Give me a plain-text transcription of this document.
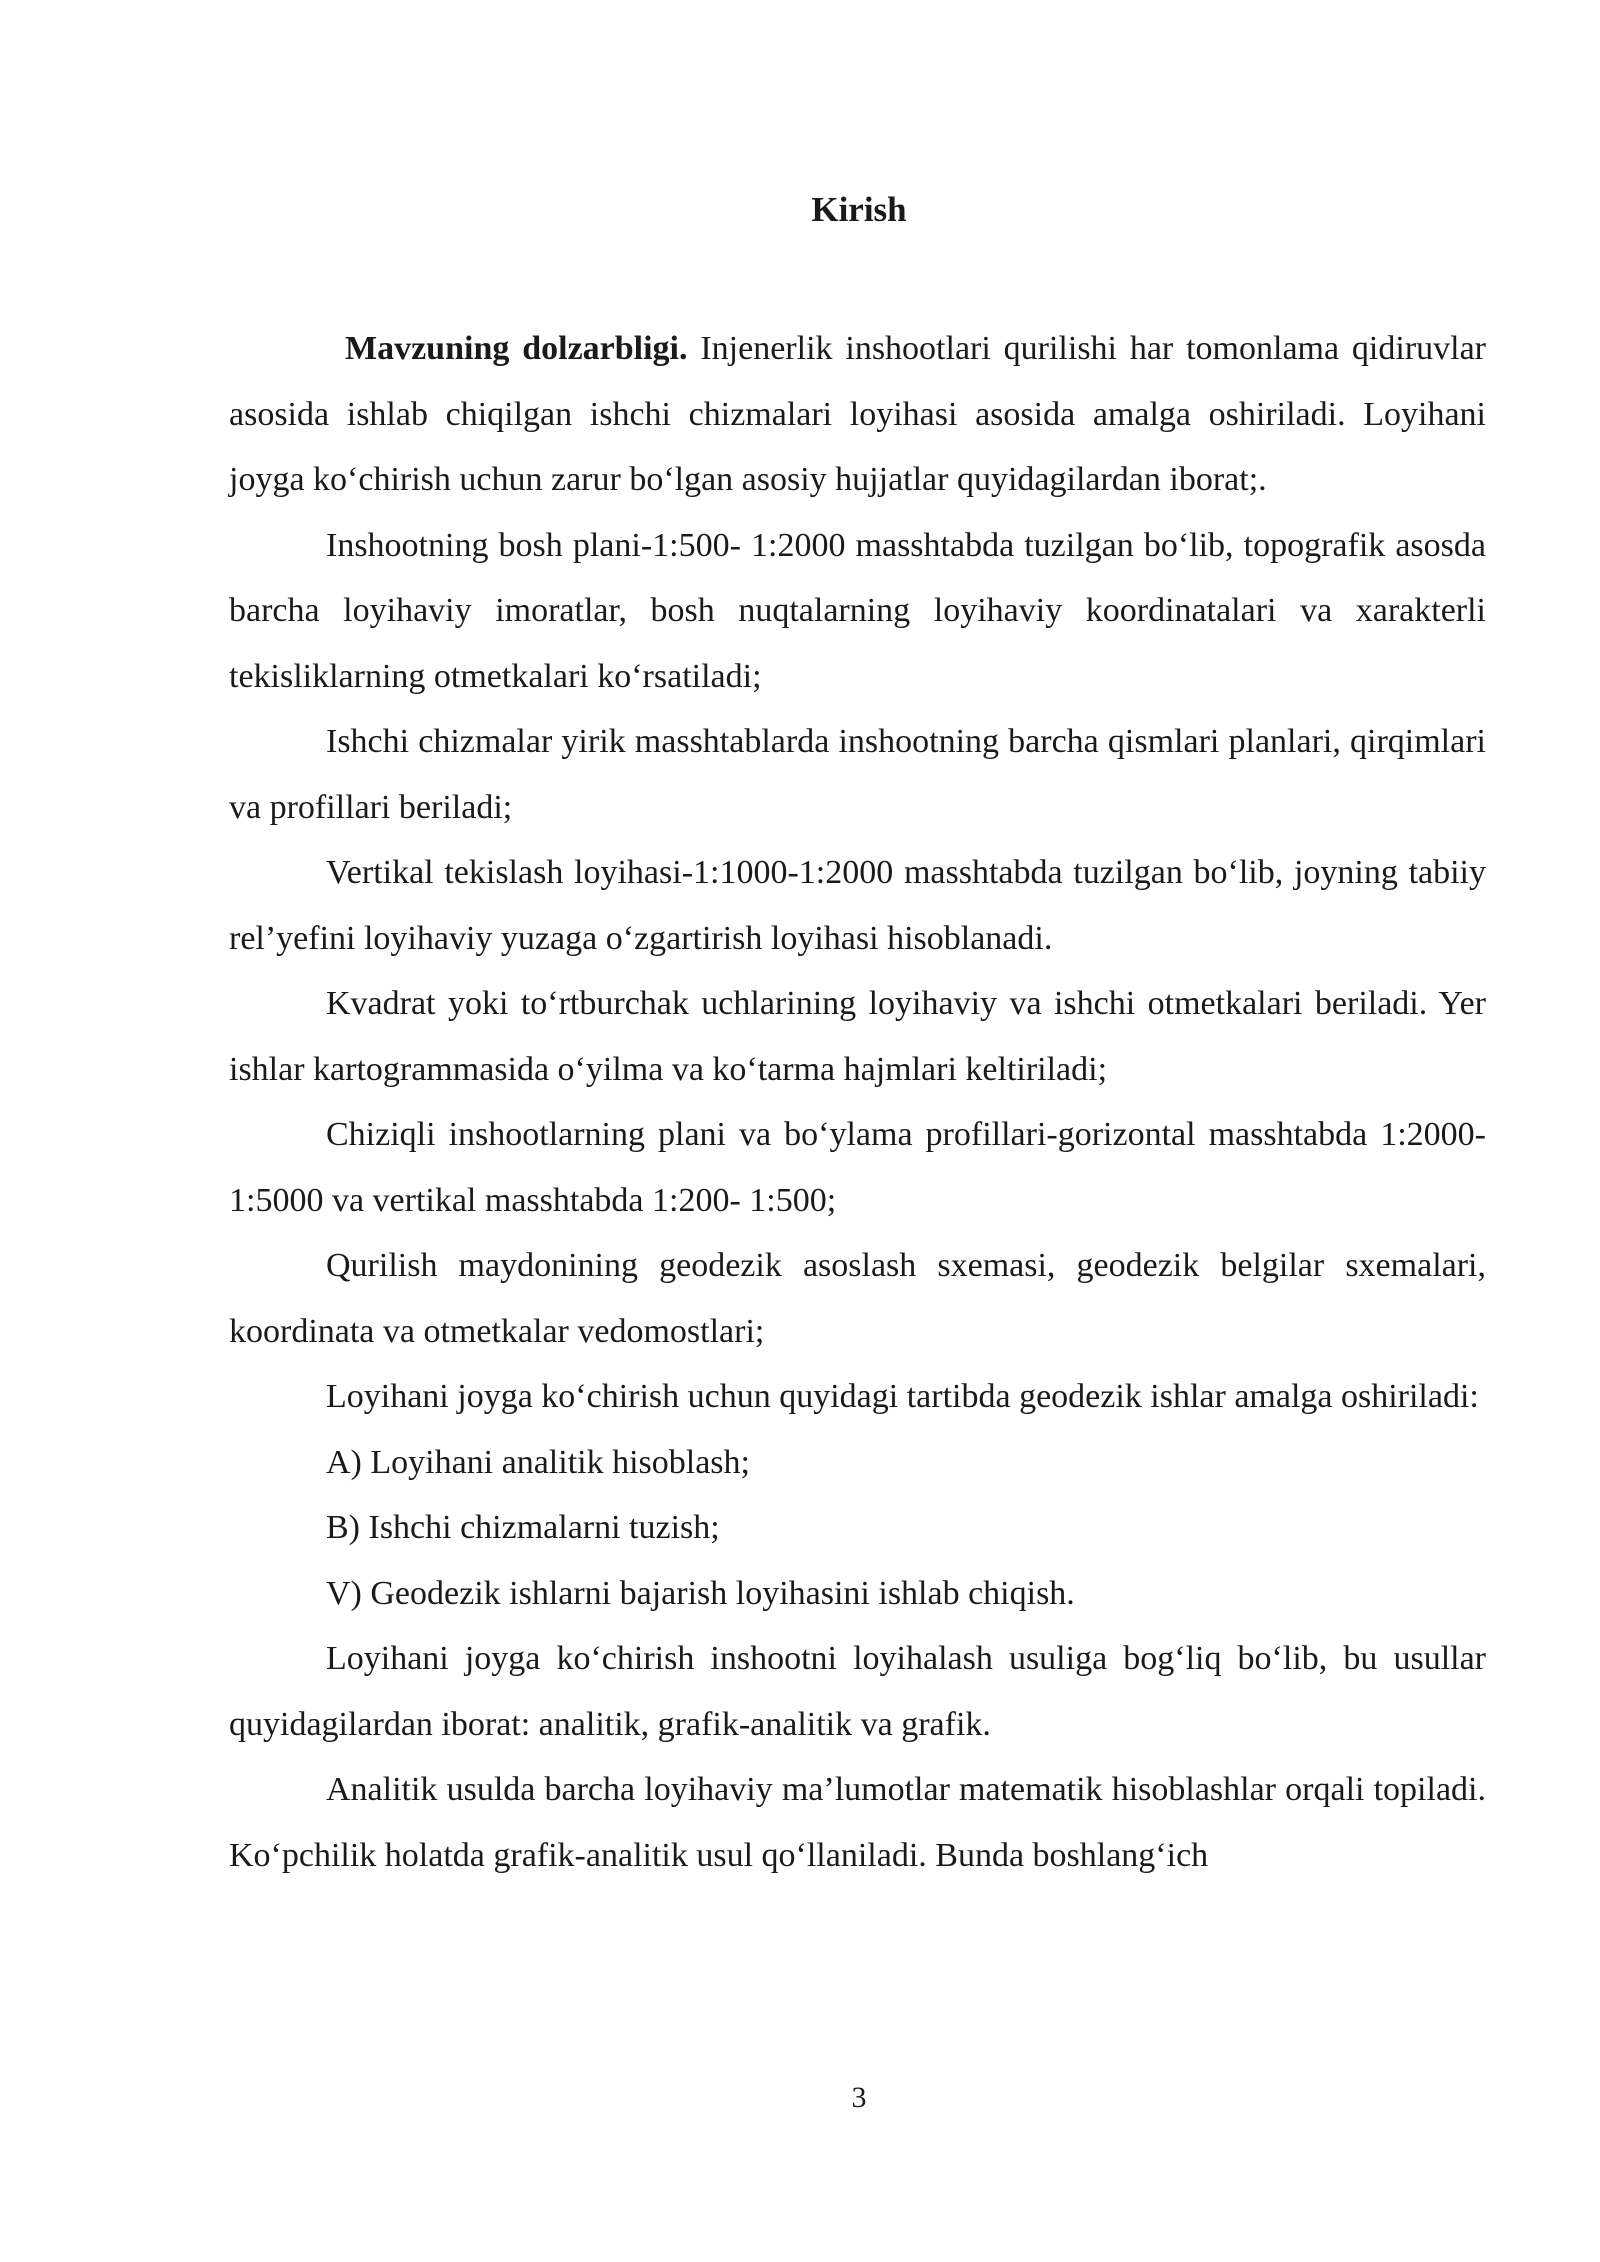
Kirish

Mavzuning dolzarbligi. Injenerlik inshootlari qurilishi har tomonlama qidiruvlar asosida ishlab chiqilgan ishchi chizmalari loyihasi asosida amalga oshiriladi. Loyihani joyga ko‘chirish uchun zarur bo‘lgan asosiy hujjatlar quyidagilardan iborat;.

Inshootning bosh plani-1:500- 1:2000 masshtabda tuzilgan bo‘lib, topografik asosda barcha loyihaviy imoratlar, bosh nuqtalarning loyihaviy koordinatalari va xarakterli tekisliklarning otmetkalari ko‘rsatiladi;

Ishchi chizmalar yirik masshtablarda inshootning barcha qismlari planlari, qirqimlari va profillari beriladi;

Vertikal tekislash loyihasi-1:1000-1:2000 masshtabda tuzilgan bo‘lib, joyning tabiiy rel’yefini loyihaviy yuzaga o‘zgartirish loyihasi hisoblanadi.

Kvadrat yoki to‘rtburchak uchlarining loyihaviy va ishchi otmetkalari beriladi. Yer ishlar kartogrammasida o‘yilma va ko‘tarma hajmlari keltiriladi;

Chiziqli inshootlarning plani va bo‘ylama profillari-gorizontal masshtabda 1:2000- 1:5000 va vertikal masshtabda 1:200- 1:500;

Qurilish maydonining geodezik asoslash sxemasi, geodezik belgilar sxemalari, koordinata va otmetkalar vedomostlari;

Loyihani joyga ko‘chirish uchun quyidagi tartibda geodezik ishlar amalga oshiriladi:

A) Loyihani analitik hisoblash;

B) Ishchi chizmalarni tuzish;

V) Geodezik ishlarni bajarish loyihasini ishlab chiqish.

Loyihani joyga ko‘chirish inshootni loyihalash usuliga bog‘liq bo‘lib, bu usullar quyidagilardan iborat: analitik, grafik-analitik va grafik.

Analitik usulda barcha loyihaviy ma’lumotlar matematik hisoblashlar orqali topiladi. Ko‘pchilik holatda grafik-analitik usul qo‘llaniladi. Bunda boshlang‘ich

3
